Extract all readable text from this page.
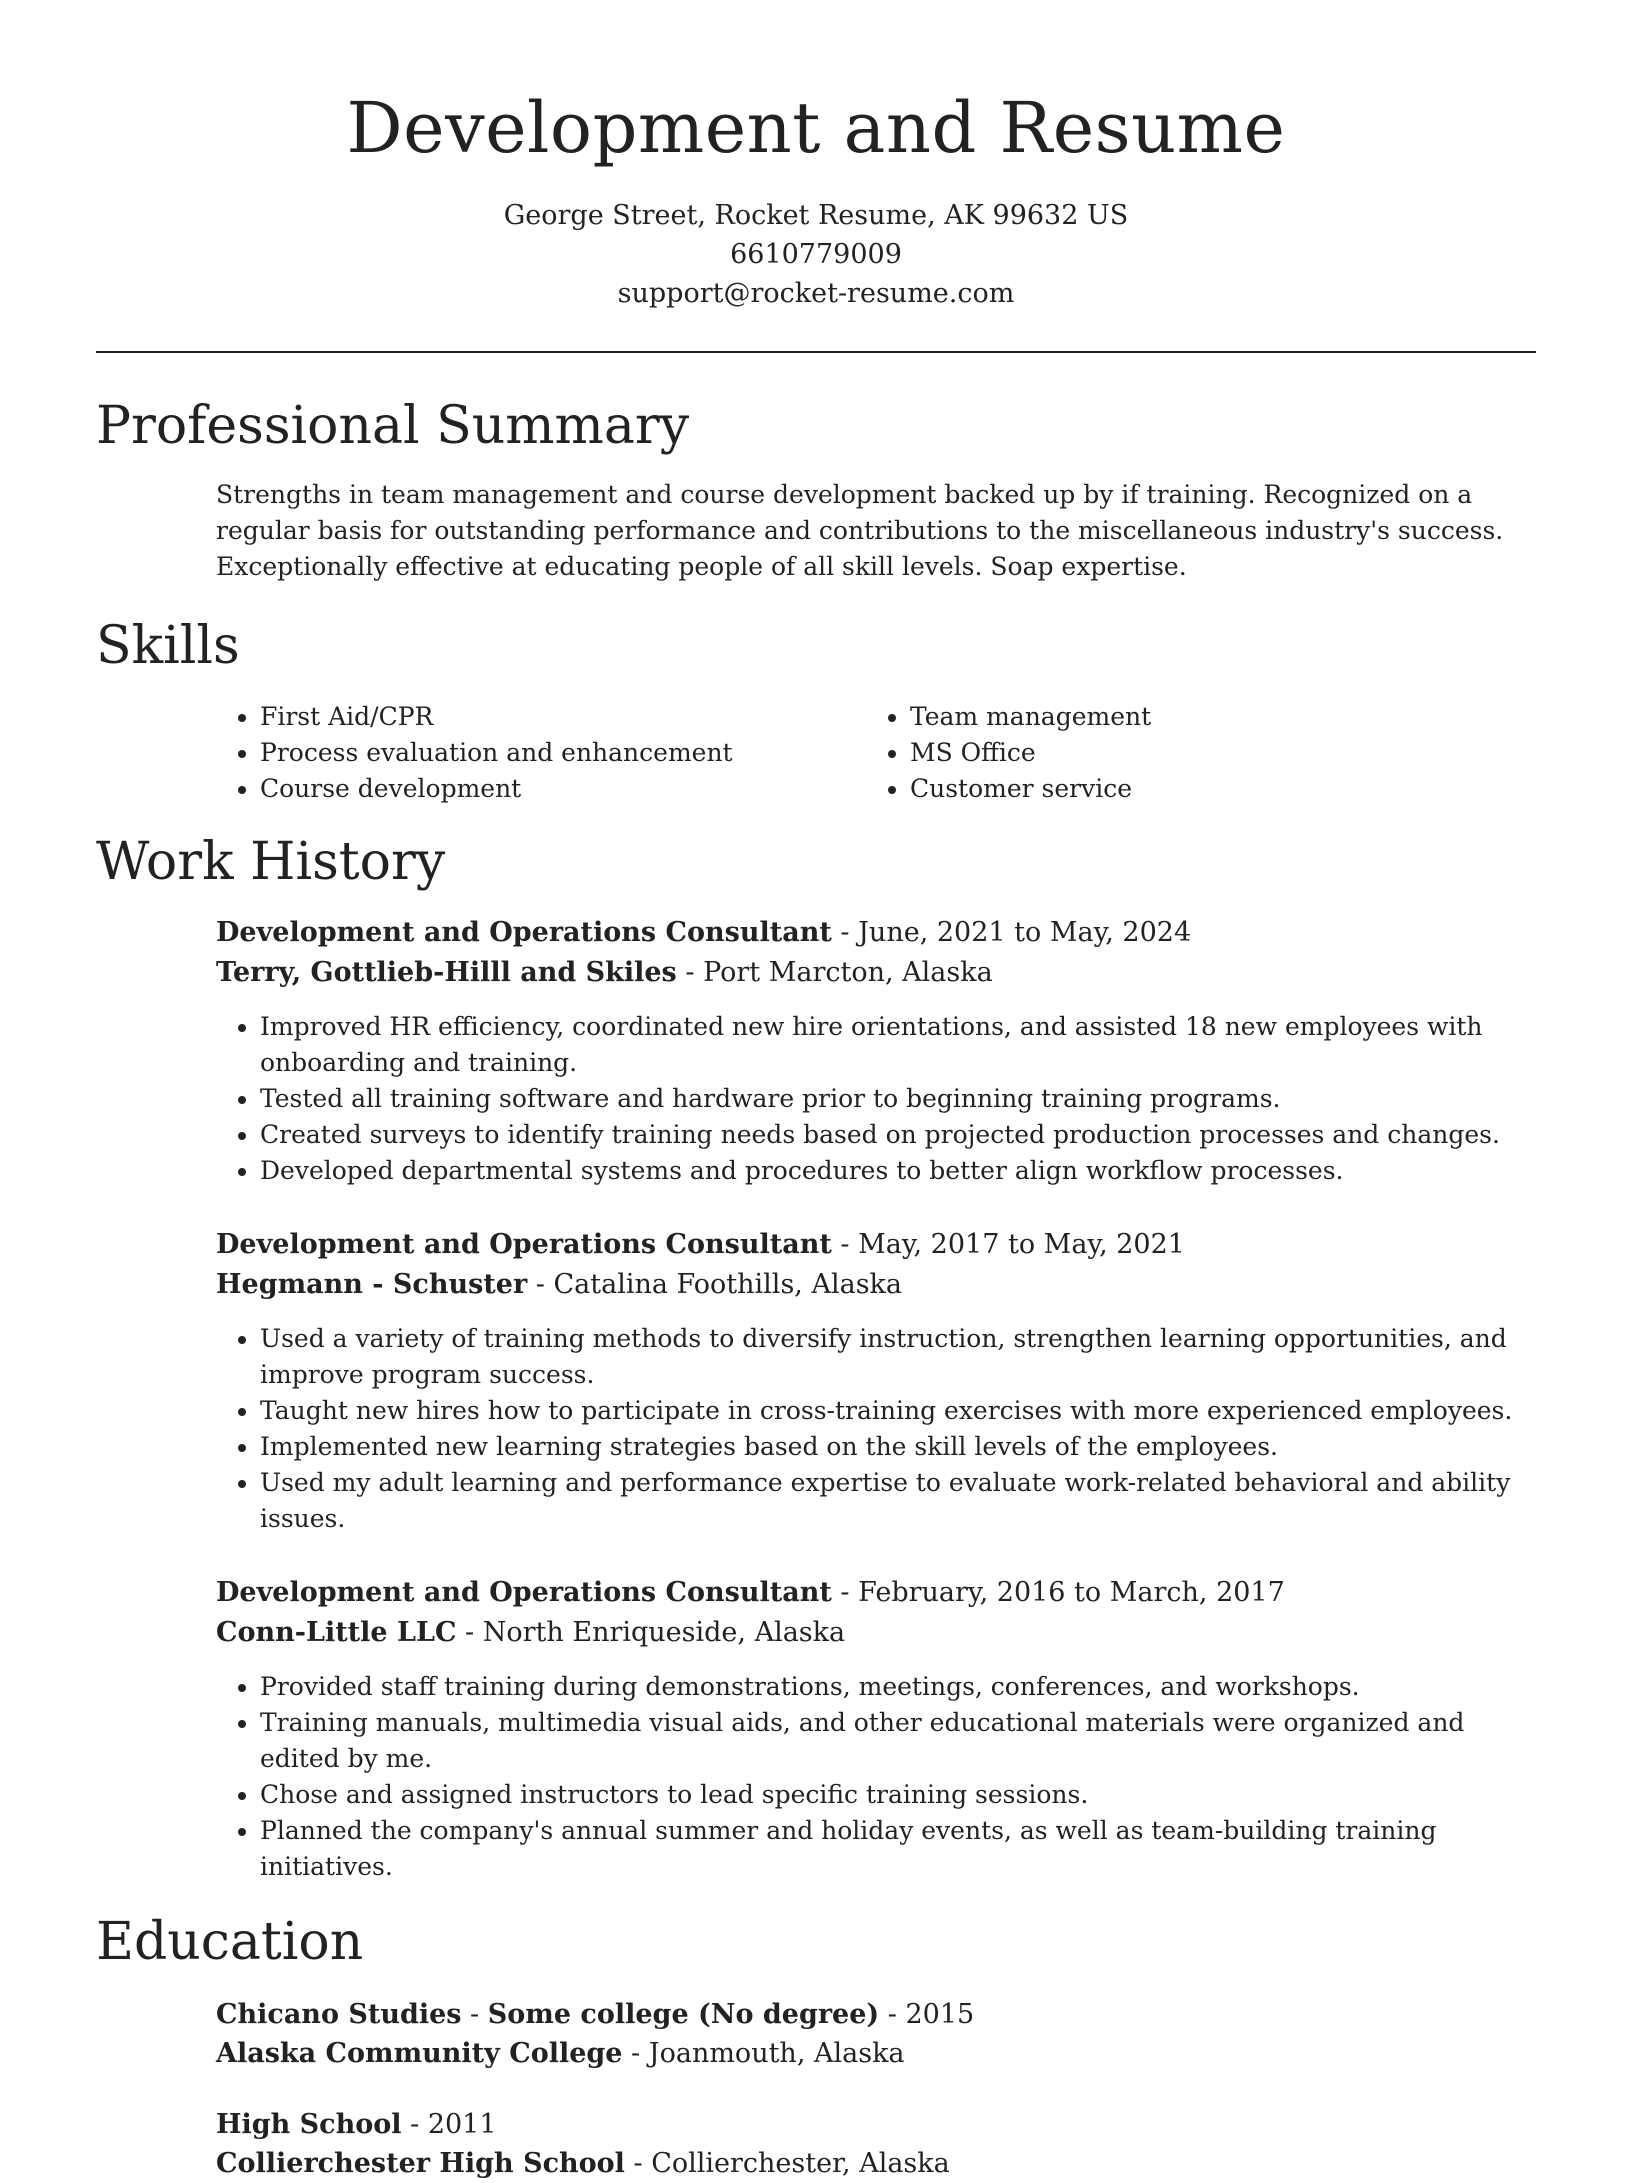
Development and Resume
George Street, Rocket Resume, AK 99632 US
6610779009
support@rocket-resume.com
Professional Summary

Strengths in team management and course development backed up by if training. Recognized on a regular basis for outstanding performance and contributions to the miscellaneous industry's success. Exceptionally effective at educating people of all skill levels. Soap expertise.

Skills
• First Aid/CPR
• Process evaluation and enhancement
• Course development
• Team management
• MS Office
• Customer service
Work History
Development and Operations Consultant - June, 2021 to May, 2024
Terry, Gottlieb-Hilll and Skiles - Port Marcton, Alaska
• Improved HR efficiency, coordinated new hire orientations, and assisted 18 new employees with onboarding and training.
• Tested all training software and hardware prior to beginning training programs.
• Created surveys to identify training needs based on projected production processes and changes.
• Developed departmental systems and procedures to better align workflow processes.
Development and Operations Consultant - May, 2017 to May, 2021
Hegmann - Schuster - Catalina Foothills, Alaska
• Used a variety of training methods to diversify instruction, strengthen learning opportunities, and improve program success.
• Taught new hires how to participate in cross-training exercises with more experienced employees.
• Implemented new learning strategies based on the skill levels of the employees.
• Used my adult learning and performance expertise to evaluate work-related behavioral and ability issues.
Development and Operations Consultant - February, 2016 to March, 2017
Conn-Little LLC - North Enriqueside, Alaska
• Provided staff training during demonstrations, meetings, conferences, and workshops.
• Training manuals, multimedia visual aids, and other educational materials were organized and edited by me.
• Chose and assigned instructors to lead specific training sessions.
• Planned the company's annual summer and holiday events, as well as team-building training initiatives.
Education
Chicano Studies - Some college (No degree) - 2015
Alaska Community College - Joanmouth, Alaska
High School - 2011
Collierchester High School - Collierchester, Alaska
